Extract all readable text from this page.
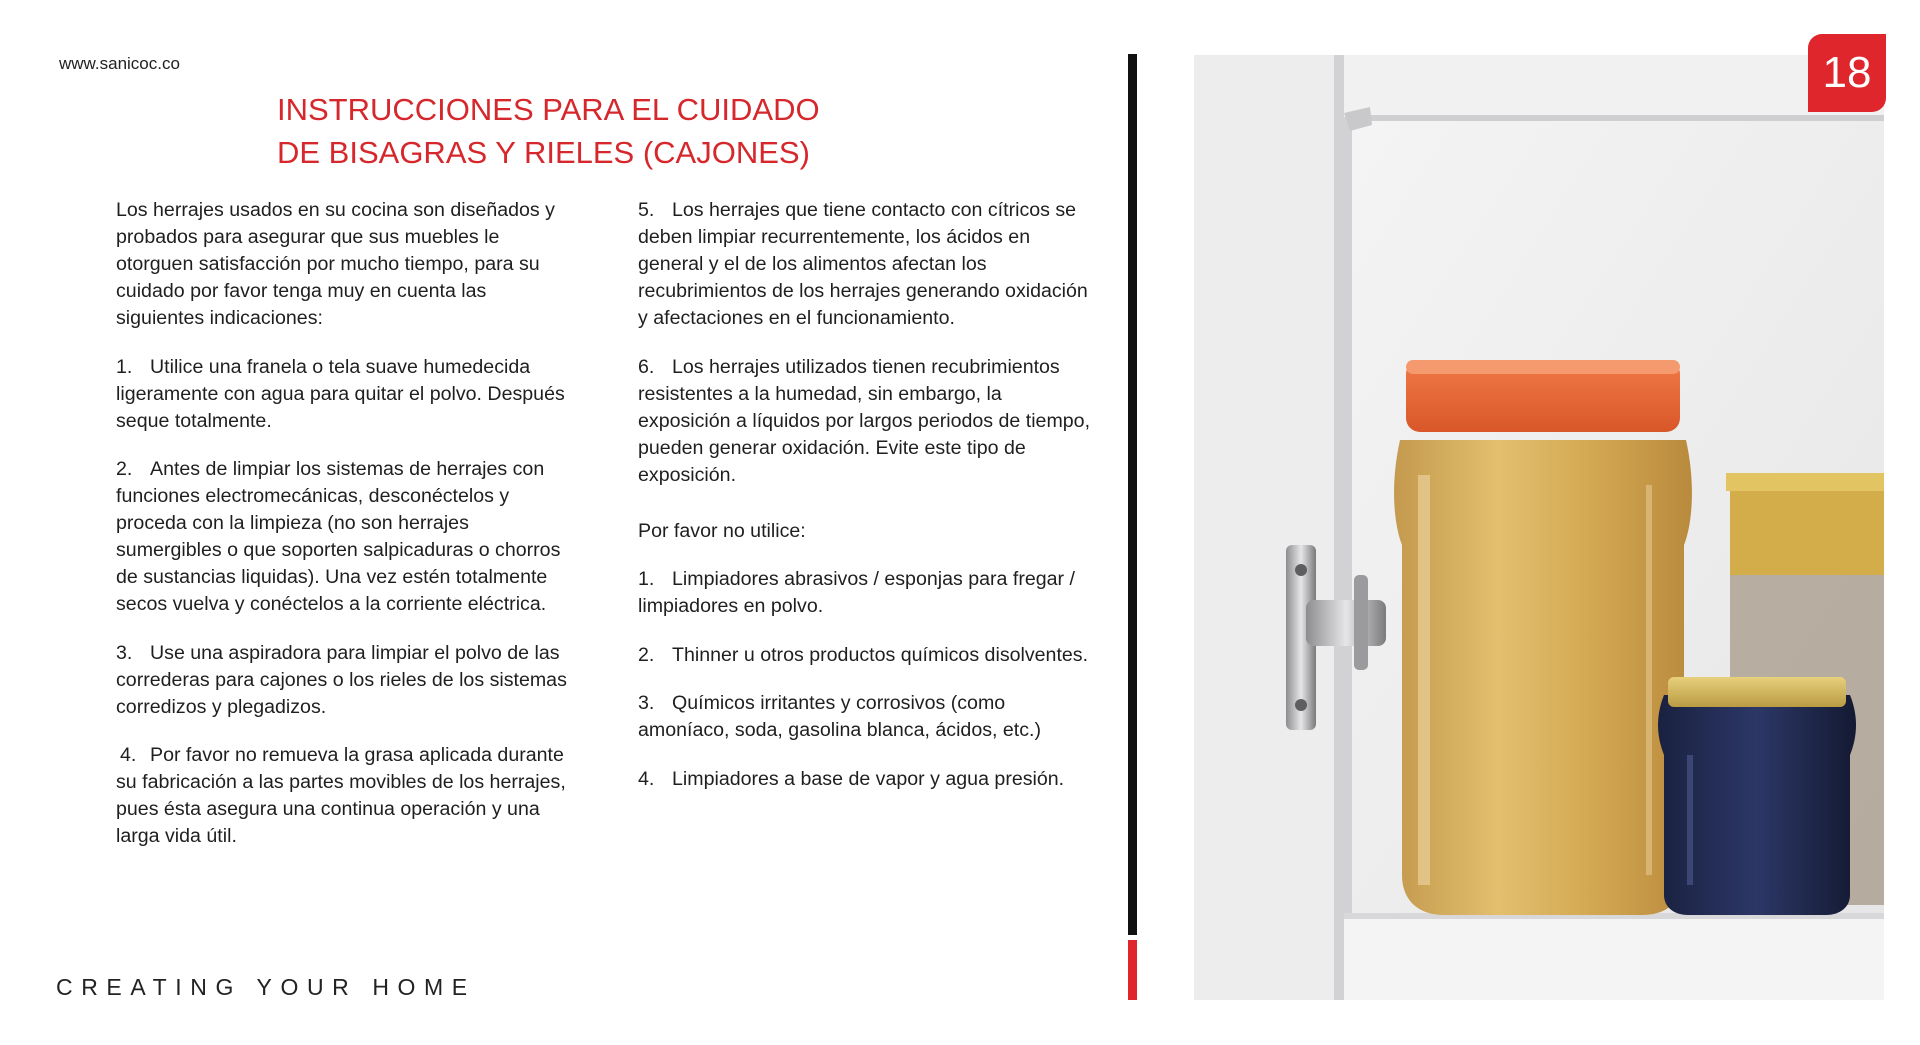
www.sanicoc.co
INSTRUCCIONES PARA EL CUIDADO
DE BISAGRAS Y RIELES (CAJONES)

Los herrajes usados en su cocina son diseñados y probados para asegurar que sus muebles le otorguen satisfacción por mucho tiempo, para su cuidado por favor tenga muy en cuenta las siguientes indicaciones:

1. Utilice una franela o tela suave humedecida ligeramente con agua para quitar el polvo. Después seque totalmente.

2. Antes de limpiar los sistemas de herrajes con funciones electromecánicas, desconéctelos y proceda con la limpieza (no son herrajes sumergibles o que soporten salpicaduras o chorros de sustancias liquidas). Una vez estén totalmente secos vuelva y conéctelos a la corriente eléctrica.

3. Use una aspiradora para limpiar el polvo de las correderas para cajones o los rieles de los sistemas corredizos y plegadizos.

4. Por favor no remueva la grasa aplicada durante su fabricación a las partes movibles de los herrajes, pues ésta asegura una continua operación y una larga vida útil.

5. Los herrajes que tiene contacto con cítricos se deben limpiar recurrentemente, los ácidos en general y el de los alimentos afectan los recubrimientos de los herrajes generando oxidación y afectaciones en el funcionamiento.

6. Los herrajes utilizados tienen recubrimientos resistentes a la humedad, sin embargo, la exposición a líquidos por largos periodos de tiempo, pueden generar oxidación. Evite este tipo de exposición.

Por favor no utilice:

1. Limpiadores abrasivos / esponjas para fregar / limpiadores en polvo.

2. Thinner u otros productos químicos disolventes.

3. Químicos irritantes y corrosivos (como amoníaco, soda, gasolina blanca, ácidos, etc.)

4. Limpiadores a base de vapor y agua presión.

CREATING YOUR HOME
18
